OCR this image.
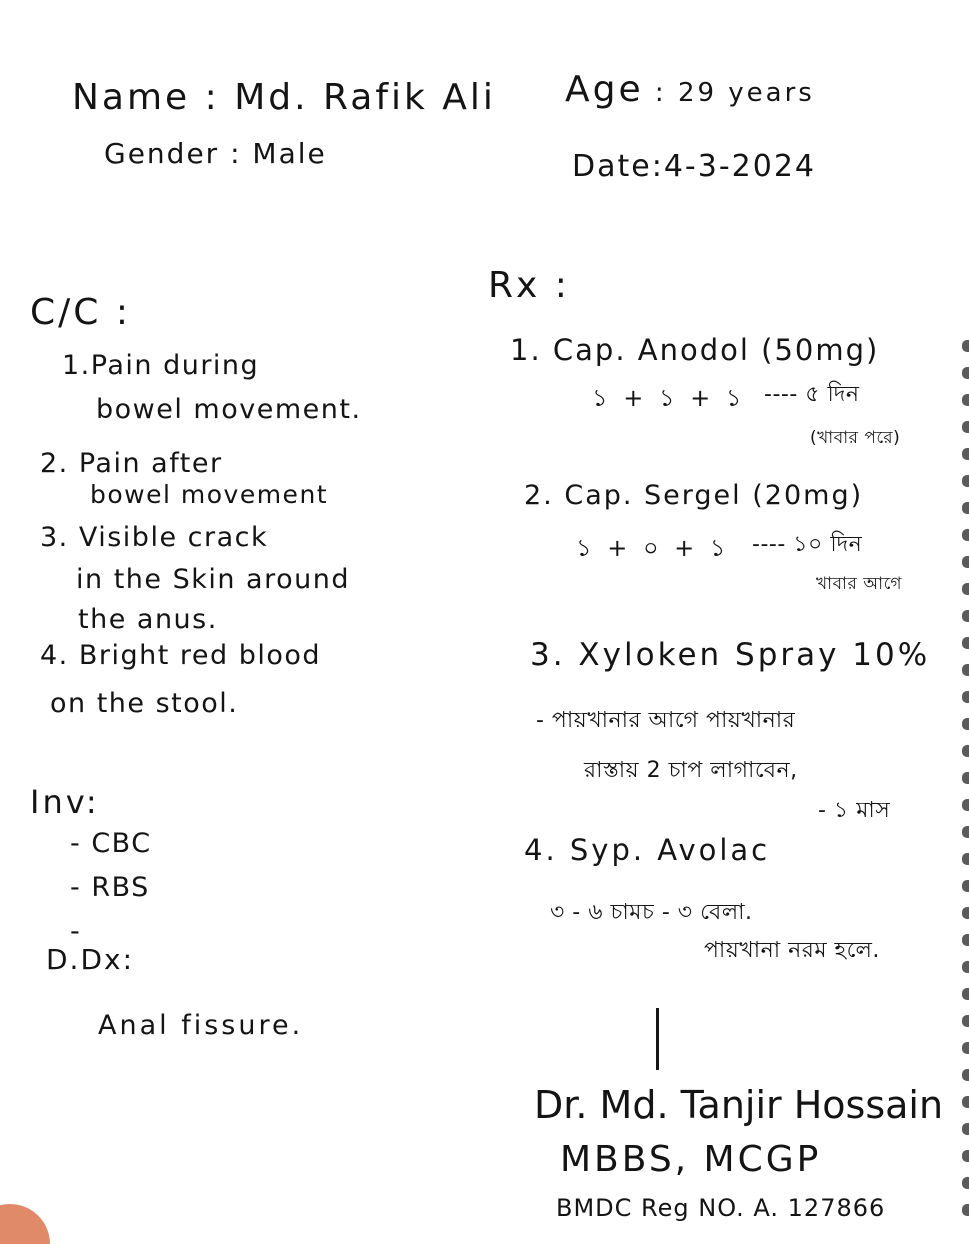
Name : Md. Rafik Ali Age : 29 years
Gender : Male	Date:4-3-2024
C/C :
1.Pain during
bowel movement.
2. Pain after
bowel movement
3. Visible crack
in the Skin around
the anus.
4. Bright red blood
on the stool.
Inv:
- CBC
- RBS
-
D.Dx:
Anal fissure.
Rx :
1. Cap. Anodol (50mg)
১ + ১ + ১ ---- ৫ দিন
(খাবার পরে)
2. Cap. Sergel (20mg)
১ + ০ + ১ ---- ১০ দিন
খাবার আগে
3. Xyloken Spray 10%
- পায়খানার আগে পায়খানার
রাস্তায় 2 চাপ লাগাবেন,
- ১ মাস
4. Syp. Avolac
৩ - ৬ চামচ - ৩ বেলা.
পায়খানা নরম হলে.
Dr. Md. Tanjir Hossain
MBBS, MCGP
BMDC Reg NO. A. 127866
